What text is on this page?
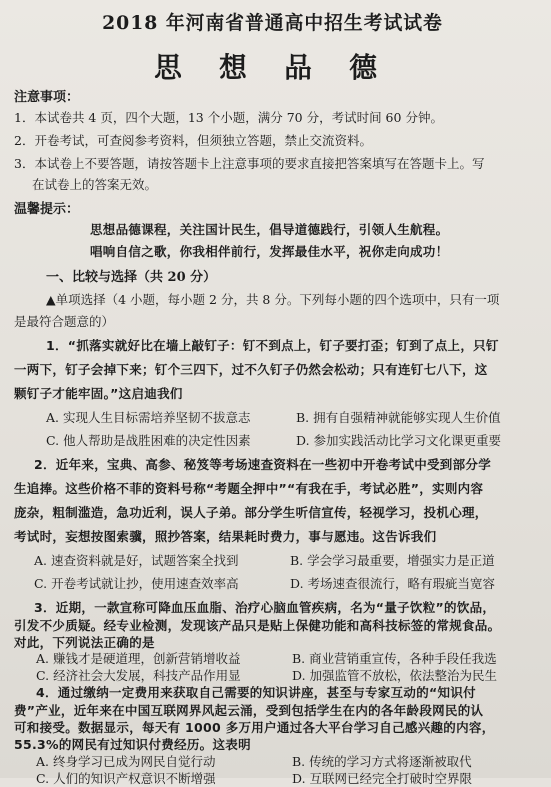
2018 年河南省普通高中招生考试试卷
思 想 品 德
注意事项：
1．本试卷共 4 页，四个大题，13 个小题，满分 70 分，考试时间 60 分钟。
2．开卷考试，可查阅参考资料，但须独立答题，禁止交流资料。
3．本试卷上不要答题，请按答题卡上注意事项的要求直接把答案填写在答题卡上。写
在试卷上的答案无效。
温馨提示：
思想品德课程，关注国计民生，倡导道德践行，引领人生航程。
唱响自信之歌，你我相伴前行，发挥最佳水平，祝你走向成功！
一、比较与选择（共 20 分）
▲单项选择（4 小题，每小题 2 分，共 8 分。下列每小题的四个选项中，只有一项
是最符合题意的）
1．“抓落实就好比在墙上敲钉子：钉不到点上，钉子要打歪；钉到了点上，只钉
一两下，钉子会掉下来；钉个三四下，过不久钉子仍然会松动；只有连钉七八下，这
颗钉子才能牢固。”这启迪我们
A. 实现人生目标需培养坚韧不拔意志	B. 拥有自强精神就能够实现人生价值
C. 他人帮助是战胜困难的决定性因素	D. 参加实践活动比学习文化课更重要
2．近年来，宝典、高参、秘笈等考场速查资料在一些初中开卷考试中受到部分学
生追捧。这些价格不菲的资料号称“考题全押中”“有我在手，考试必胜”，实则内容
庞杂，粗制滥造，急功近利，误人子弟。部分学生听信宣传，轻视学习，投机心理，
考试时，妄想按图索骥，照抄答案，结果耗时费力，事与愿违。这告诉我们
A. 速查资料就是好，试题答案全找到	B. 学会学习最重要，增强实力是正道
C. 开卷考试就让抄，使用速查效率高	D. 考场速查很流行，略有瑕疵当宽容
3．近期，一款宣称可降血压血脂、治疗心脑血管疾病，名为“量子饮粒”的饮品，
引发不少质疑。经专业检测，发现该产品只是贴上保健功能和高科技标签的常规食品。
对此，下列说法正确的是
A. 赚钱才是硬道理，创新营销增收益	B. 商业营销重宣传，各种手段任我选
C. 经济社会大发展，科技产品作用显	D. 加强监管不放松，依法整治为民生
4．通过缴纳一定费用来获取自己需要的知识讲座，甚至与专家互动的“知识付
费”产业，近年来在中国互联网界风起云涌，受到包括学生在内的各年龄段网民的认
可和接受。数据显示，每天有 1000 多万用户通过各大平台学习自己感兴趣的内容，
55.3%的网民有过知识付费经历。这表明
A. 终身学习已成为网民自觉行动	B. 传统的学习方式将逐渐被取代
C. 人们的知识产权意识不断增强	D. 互联网已经完全打破时空界限
